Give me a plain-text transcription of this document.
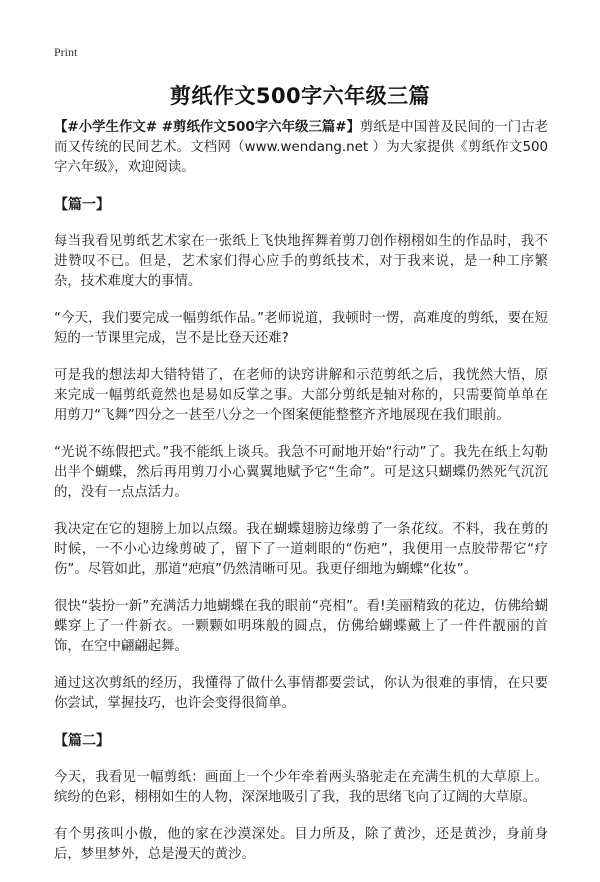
Print
剪纸作文500字六年级三篇

【#小学生作文# #剪纸作文500字六年级三篇#】剪纸是中国普及民间的一门古老而又传统的民间艺术。文档网（www.wendang.net ）为大家提供《剪纸作文500字六年级》，欢迎阅读。

【篇一】

每当我看见剪纸艺术家在一张纸上飞快地挥舞着剪刀创作栩栩如生的作品时，我不进赞叹不已。但是，艺术家们得心应手的剪纸技术，对于我来说，是一种工序繁杂，技术难度大的事情。

“今天，我们要完成一幅剪纸作品。”老师说道，我顿时一愣，高难度的剪纸，要在短短的一节课里完成，岂不是比登天还难?

可是我的想法却大错特错了，在老师的诀窍讲解和示范剪纸之后，我恍然大悟，原来完成一幅剪纸竟然也是易如反掌之事。大部分剪纸是轴对称的，只需要简单单在用剪刀“飞舞”四分之一甚至八分之一个图案便能整整齐齐地展现在我们眼前。

“光说不练假把式。”我不能纸上谈兵。我急不可耐地开始“行动”了。我先在纸上勾勒出半个蝴蝶，然后再用剪刀小心翼翼地赋予它“生命”。可是这只蝴蝶仍然死气沉沉的，没有一点点活力。

我决定在它的翅膀上加以点缀。我在蝴蝶翅膀边缘剪了一条花纹。不料，我在剪的时候，一不小心边缘剪破了，留下了一道刺眼的“伤疤”，我便用一点胶带帮它“疗伤”。尽管如此，那道“疤痕”仍然清晰可见。我更仔细地为蝴蝶“化妆”。

很快“装扮一新”充满活力地蝴蝶在我的眼前“亮相”。看!美丽精致的花边，仿佛给蝴蝶穿上了一件新衣。一颗颗如明珠般的圆点，仿佛给蝴蝶戴上了一件件靓丽的首饰，在空中翩翩起舞。

通过这次剪纸的经历，我懂得了做什么事情都要尝试，你认为很难的事情，在只要你尝试，掌握技巧，也许会变得很简单。

【篇二】

今天，我看见一幅剪纸：画面上一个少年牵着两头骆驼走在充满生机的大草原上。缤纷的色彩，栩栩如生的人物，深深地吸引了我，我的思绪飞向了辽阔的大草原。

有个男孩叫小傲，他的家在沙漠深处。目力所及，除了黄沙，还是黄沙，身前身后，梦里梦外，总是漫天的黄沙。
